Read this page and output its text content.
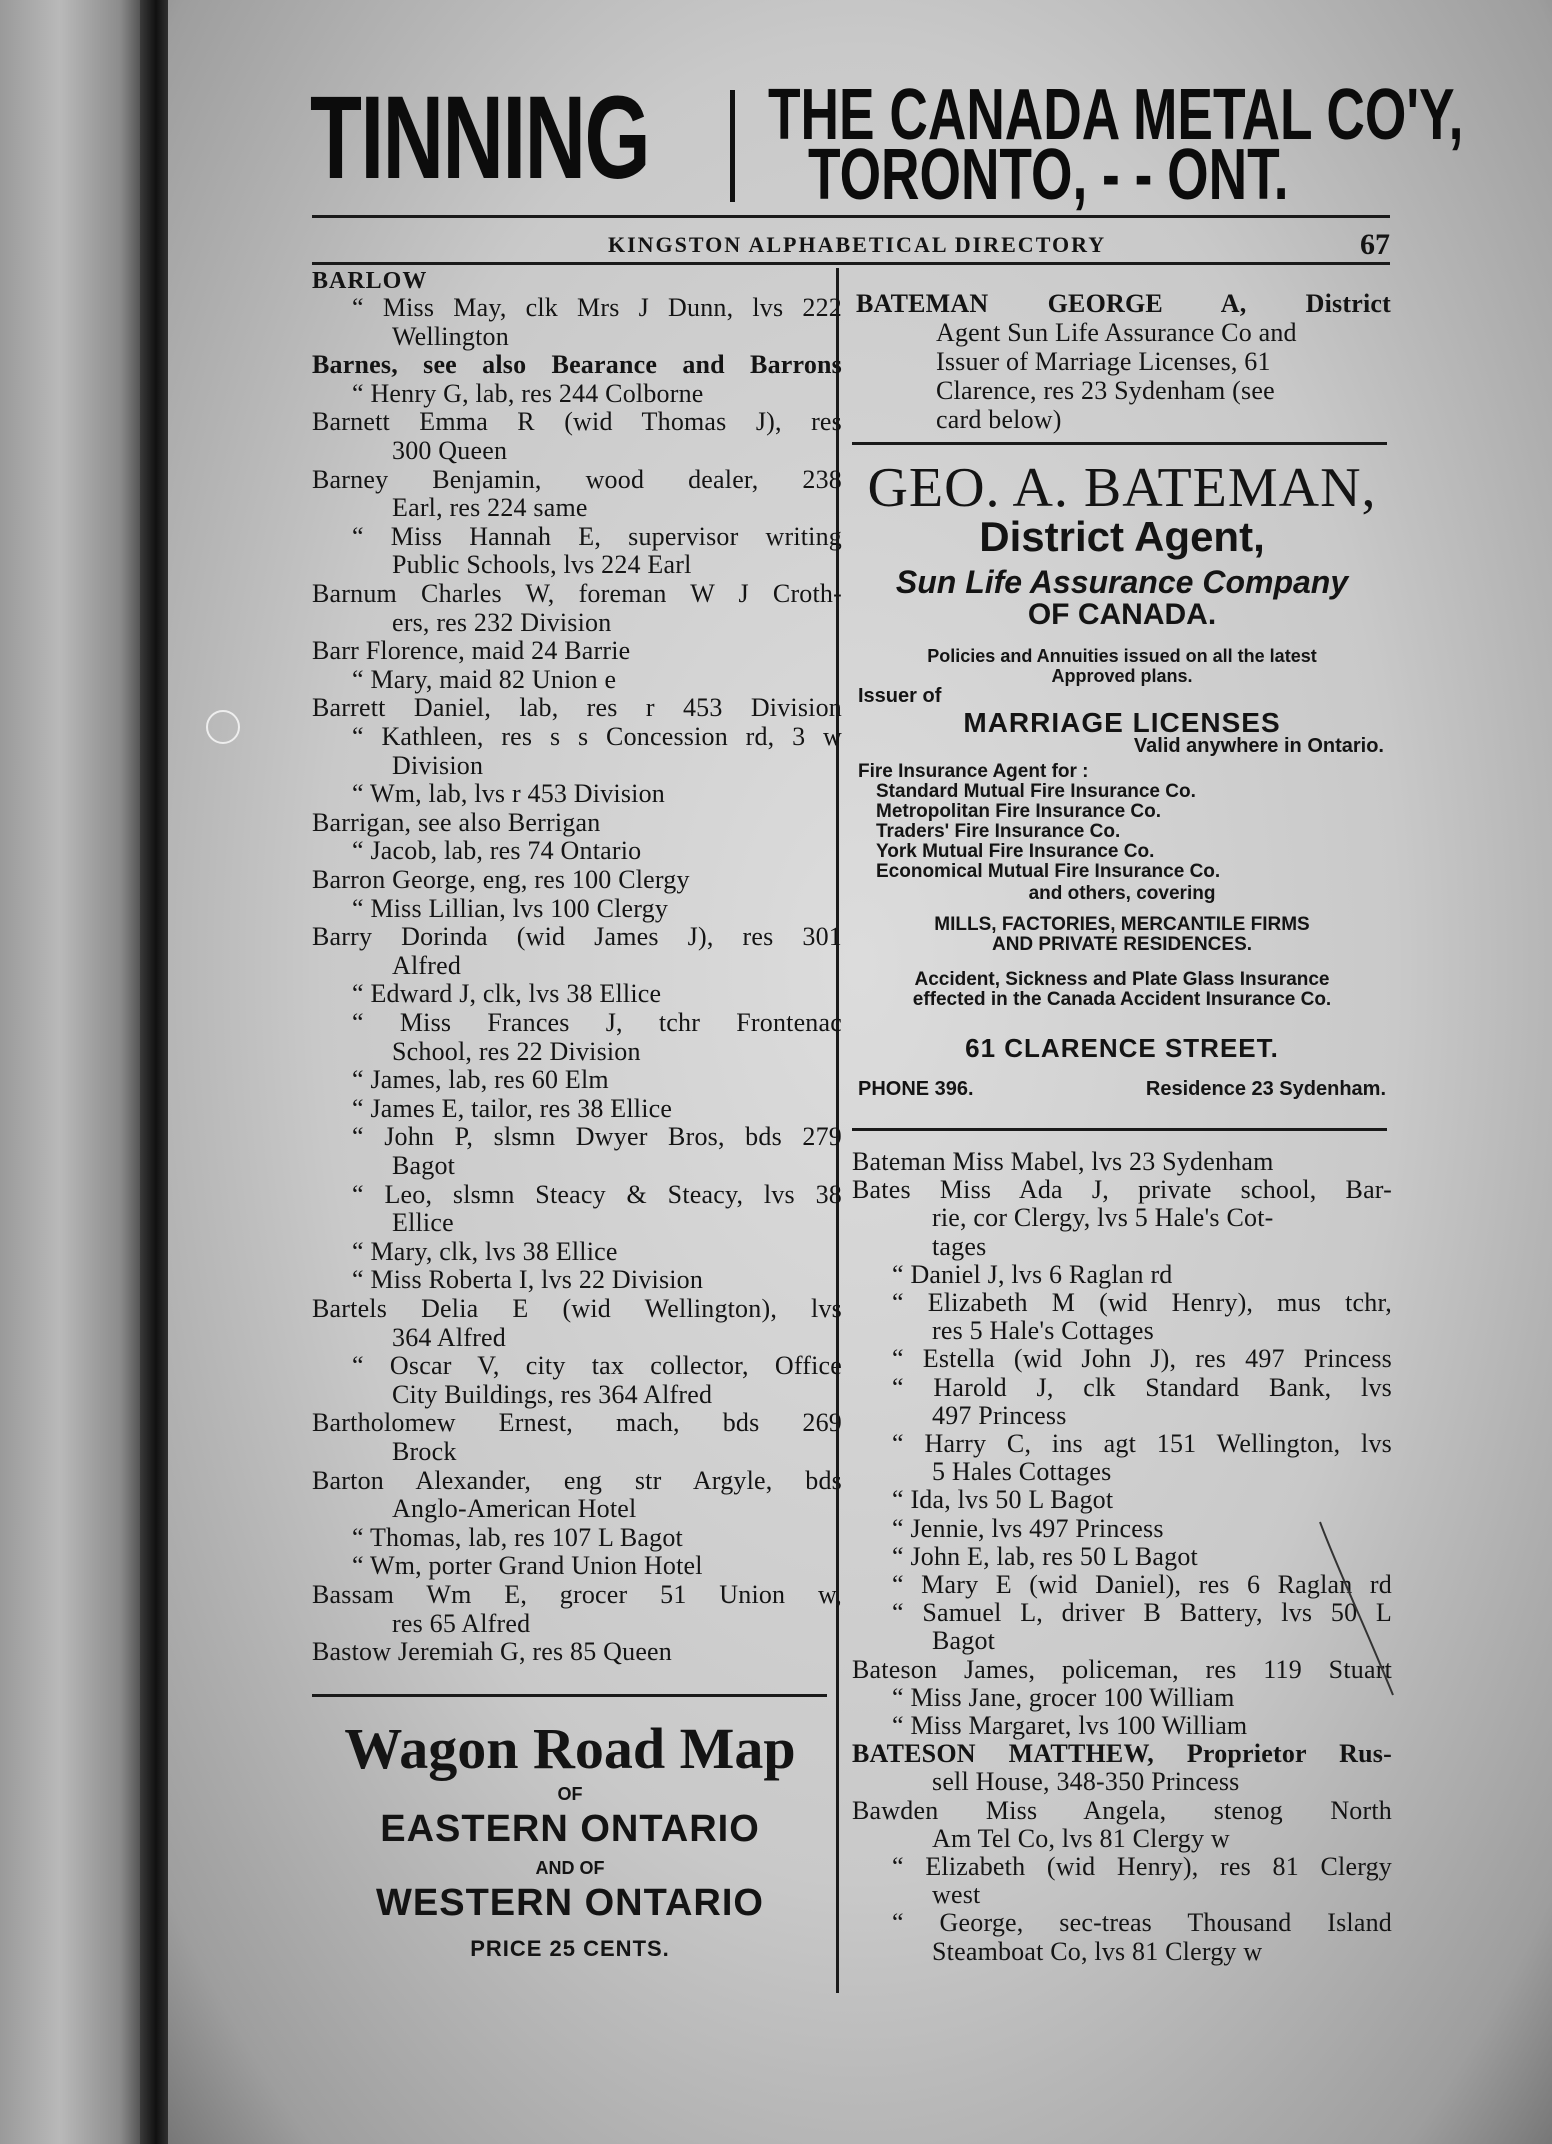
TINNING THE CANADA METAL CO'Y,
TORONTO, - - ONT.
KINGSTON ALPHABETICAL DIRECTORY	67
BARLOW
“ Miss May, clk Mrs J Dunn, lvs 222
Wellington
Barnes, see also Bearance and Barrons
“ Henry G, lab, res 244 Colborne
Barnett Emma R (wid Thomas J), res
300 Queen
Barney Benjamin, wood dealer, 238
Earl, res 224 same
“ Miss Hannah E, supervisor writing
Public Schools, lvs 224 Earl
Barnum Charles W, foreman W J Croth-
ers, res 232 Division
Barr Florence, maid 24 Barrie
“ Mary, maid 82 Union e
Barrett Daniel, lab, res r 453 Division
“ Kathleen, res s s Concession rd, 3 w
Division
“ Wm, lab, lvs r 453 Division
Barrigan, see also Berrigan
“ Jacob, lab, res 74 Ontario
Barron George, eng, res 100 Clergy
“ Miss Lillian, lvs 100 Clergy
Barry Dorinda (wid James J), res 301
Alfred
“ Edward J, clk, lvs 38 Ellice
“ Miss Frances J, tchr Frontenac
School, res 22 Division
“ James, lab, res 60 Elm
“ James E, tailor, res 38 Ellice
“ John P, slsmn Dwyer Bros, bds 279
Bagot
“ Leo, slsmn Steacy & Steacy, lvs 38
Ellice
“ Mary, clk, lvs 38 Ellice
“ Miss Roberta I, lvs 22 Division
Bartels Delia E (wid Wellington), lvs
364 Alfred
“ Oscar V, city tax collector, Office
City Buildings, res 364 Alfred
Bartholomew Ernest, mach, bds 269
Brock
Barton Alexander, eng str Argyle, bds
Anglo-American Hotel
“ Thomas, lab, res 107 L Bagot
“ Wm, porter Grand Union Hotel
Bassam Wm E, grocer 51 Union w,
res 65 Alfred
Bastow Jeremiah G, res 85 Queen
BATEMAN GEORGE A, District
Agent Sun Life Assurance Co and
Issuer of Marriage Licenses, 61
Clarence, res 23 Sydenham (see
card below)
GEO. A. BATEMAN,
District Agent,
Sun Life Assurance Company
OF CANADA.
Policies and Annuities issued on all the latest
Approved plans.
Issuer of
MARRIAGE LICENSES
Valid anywhere in Ontario.
Fire Insurance Agent for :
Standard Mutual Fire Insurance Co.
Metropolitan Fire Insurance Co.
Traders' Fire Insurance Co.
York Mutual Fire Insurance Co.
Economical Mutual Fire Insurance Co.
and others, covering
MILLS, FACTORIES, MERCANTILE FIRMS
AND PRIVATE RESIDENCES.
Accident, Sickness and Plate Glass Insurance
effected in the Canada Accident Insurance Co.
61 CLARENCE STREET.
PHONE 396.	Residence 23 Sydenham.
Bateman Miss Mabel, lvs 23 Sydenham
Bates Miss Ada J, private school, Bar-
rie, cor Clergy, lvs 5 Hale's Cot-
tages
“ Daniel J, lvs 6 Raglan rd
“ Elizabeth M (wid Henry), mus tchr,
res 5 Hale's Cottages
“ Estella (wid John J), res 497 Princess
“ Harold J, clk Standard Bank, lvs
497 Princess
“ Harry C, ins agt 151 Wellington, lvs
5 Hales Cottages
“ Ida, lvs 50 L Bagot
“ Jennie, lvs 497 Princess
“ John E, lab, res 50 L Bagot
“ Mary E (wid Daniel), res 6 Raglan rd
“ Samuel L, driver B Battery, lvs 50 L
Bagot
Bateson James, policeman, res 119 Stuart
“ Miss Jane, grocer 100 William
“ Miss Margaret, lvs 100 William
BATESON MATTHEW, Proprietor Rus-
sell House, 348-350 Princess
Bawden Miss Angela, stenog North
Am Tel Co, lvs 81 Clergy w
“ Elizabeth (wid Henry), res 81 Clergy
west
“ George, sec-treas Thousand Island
Steamboat Co, lvs 81 Clergy w
Wagon Road Map
OF
EASTERN ONTARIO
AND OF
WESTERN ONTARIO
PRICE 25 CENTS.
